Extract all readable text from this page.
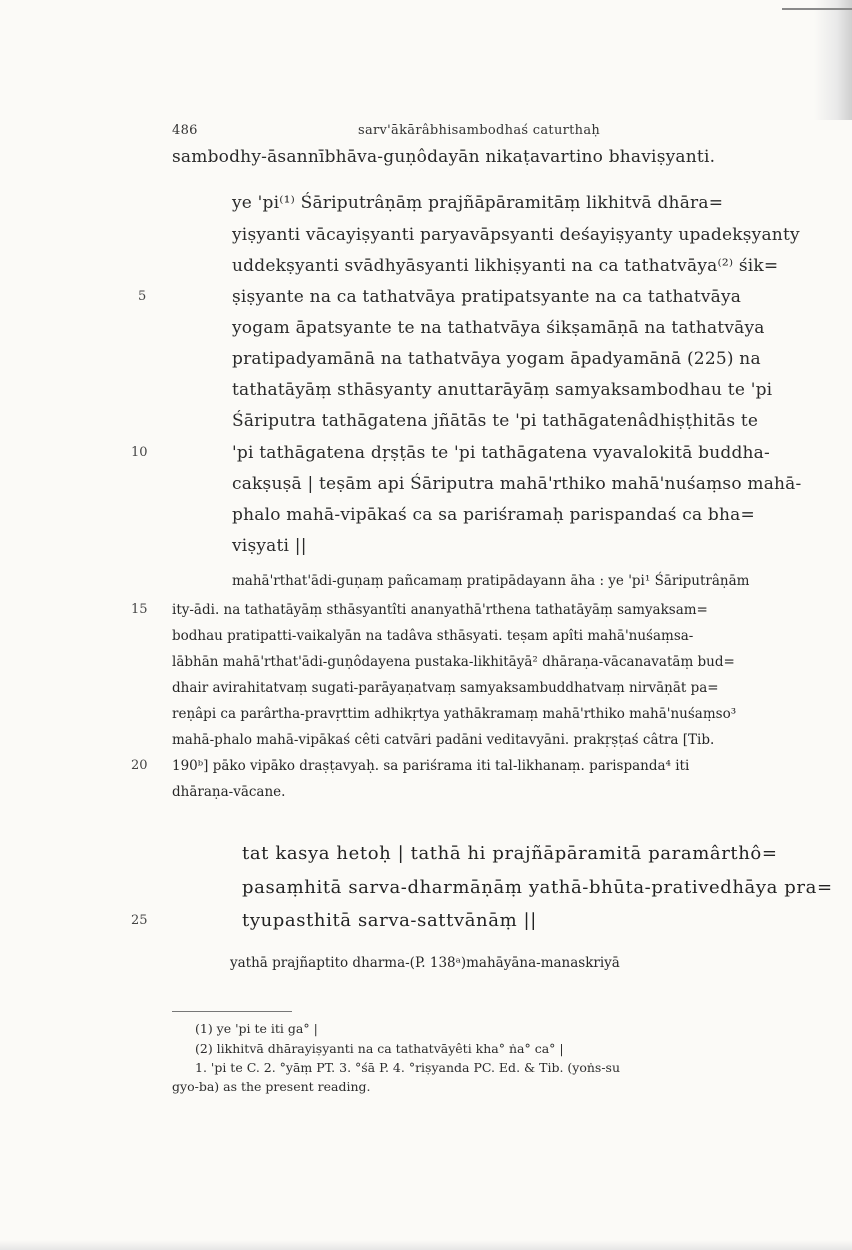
486	sarv'ākārâbhisambodhaś caturthaḥ
5
10
15
20
25
sambodhy-āsannībhāva-guṇôdayān nikaṭavartino bhaviṣyanti.
ye 'pi⁽¹⁾ Śāriputrâṇāṃ prajñāpāramitāṃ likhitvā dhāra=
yiṣyanti vācayiṣyanti paryavāpsyanti deśayiṣyanty upadekṣyanty
uddekṣyanti svādhyāsyanti likhiṣyanti na ca tathatvāya⁽²⁾ śik=
ṣiṣyante na ca tathatvāya pratipatsyante na ca tathatvāya
yogam āpatsyante te na tathatvāya śikṣamāṇā na tathatvāya
pratipadyamānā na tathatvāya yogam āpadyamānā (225) na
tathatāyāṃ sthāsyanty anuttarāyāṃ samyaksambodhau te 'pi
Śāriputra tathāgatena jñātās te 'pi tathāgatenâdhiṣṭhitās te
'pi tathāgatena dṛṣṭās te 'pi tathāgatena vyavalokitā buddha-
cakṣuṣā | teṣām api Śāriputra mahā'rthiko mahā'nuśaṃso mahā-
phalo mahā-vipākaś ca sa pariśramaḥ parispandaś ca bha=
viṣyati ||
mahā'rthat'ādi-guṇaṃ pañcamaṃ pratipādayann āha : ye 'pi¹ Śāriputrâṇām
ity-ādi. na tathatāyāṃ sthāsyantîti ananyathā'rthena tathatāyāṃ samyaksam=
bodhau pratipatti-vaikalyān na tadâva sthāsyati. teṣam apîti mahā'nuśaṃsa-
lābhān mahā'rthat'ādi-guṇôdayena pustaka-likhitāyā² dhāraṇa-vācanavatāṃ bud=
dhair avirahitatvaṃ sugati-parāyaṇatvaṃ samyaksambuddhatvaṃ nirvāṇāt pa=
reṇâpi ca parârtha-pravṛttim adhikṛtya yathākramaṃ mahā'rthiko mahā'nuśaṃso³
mahā-phalo mahā-vipākaś cêti catvāri padāni veditavyāni. prakṛṣṭaś câtra [Tib.
190ᵇ] pāko vipāko draṣṭavyaḥ. sa pariśrama iti tal-likhanaṃ. parispanda⁴ iti
dhāraṇa-vācane.
tat kasya hetoḥ | tathā hi prajñāpāramitā paramârthô=
pasaṃhitā sarva-dharmāṇāṃ yathā-bhūta-prativedhāya pra=
tyupasthitā sarva-sattvānāṃ ||
yathā prajñaptito dharma-(P. 138ᵃ)mahāyāna-manaskriyā
(1) ye 'pi te iti ga° |
(2) likhitvā dhārayiṣyanti na ca tathatvāyêti kha° ṅa° ca° |
1. 'pi te C. 2. °yāṃ PT. 3. °śā P. 4. °riṣyanda PC. Ed. & Tib. (yoṅs-su
gyo-ba) as the present reading.
